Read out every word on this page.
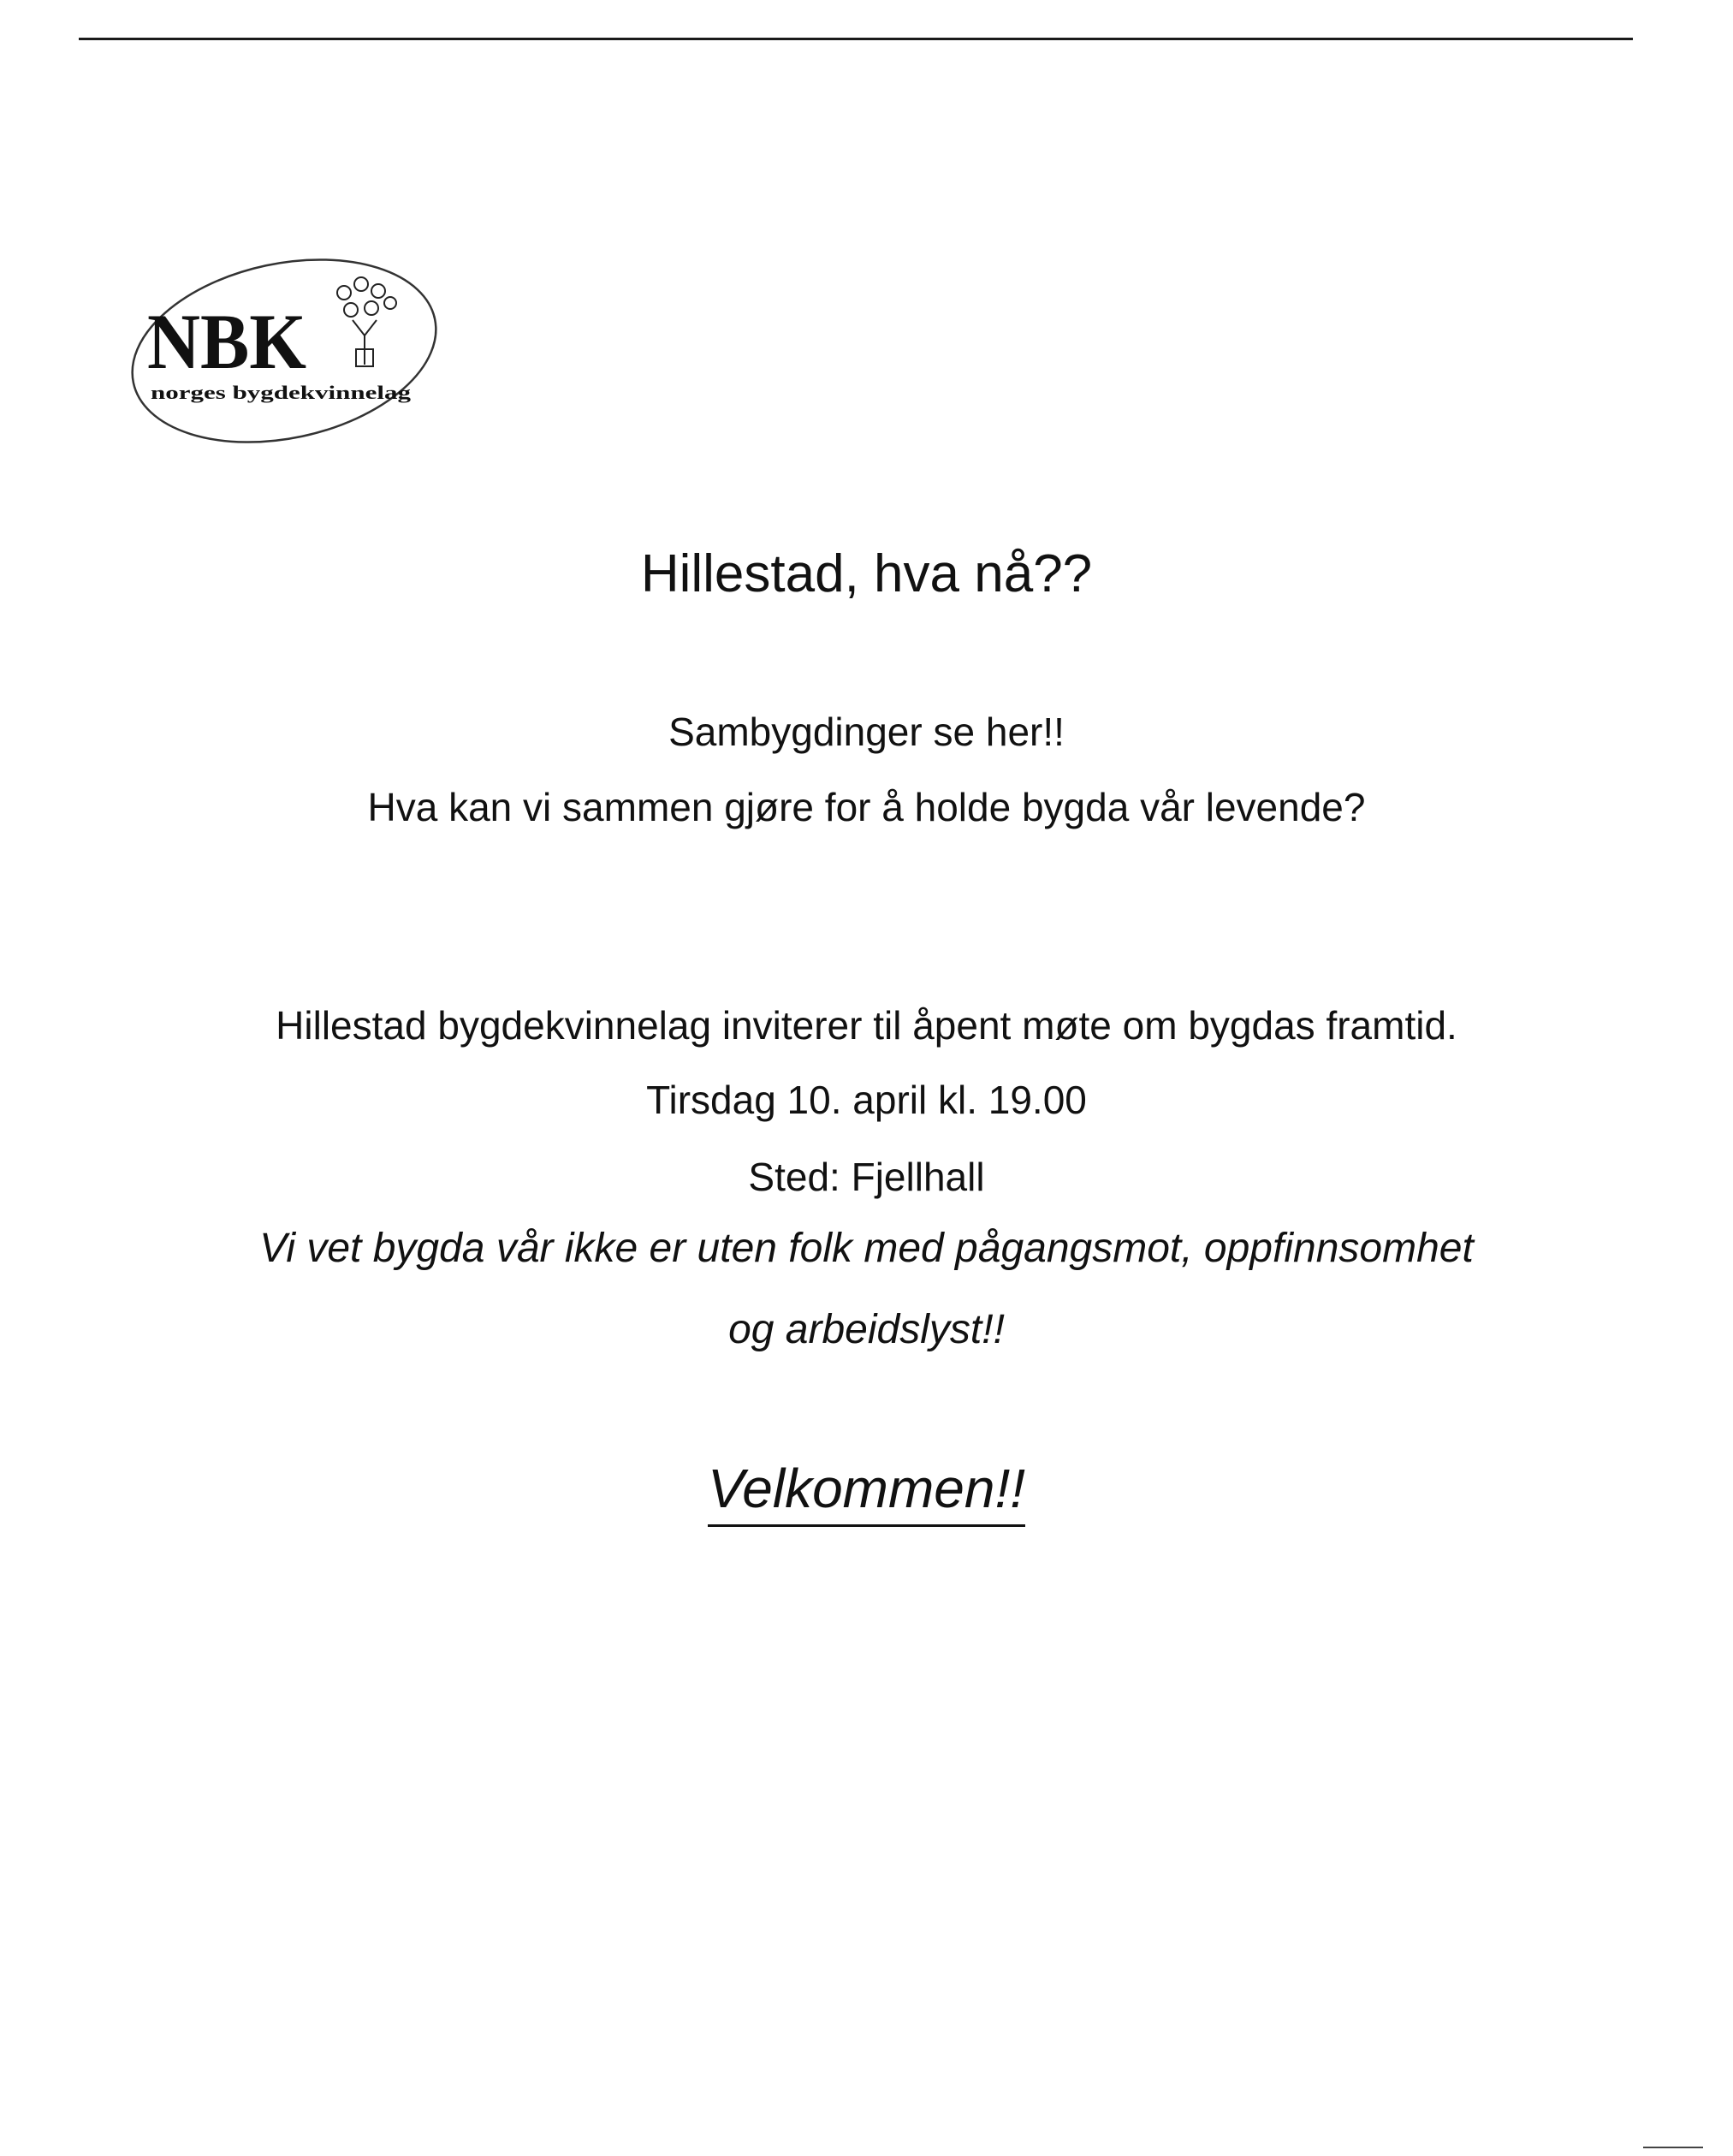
NBK
norges bygdekvinnelag
Hillestad, hva nå??
Sambygdinger se her!!
Hva kan vi sammen gjøre for å holde bygda vår levende?
Hillestad bygdekvinnelag inviterer til åpent møte om bygdas framtid.
Tirsdag 10. april kl. 19.00
Sted: Fjellhall
Vi vet bygda vår ikke er uten folk med pågangsmot, oppfinnsomhet
og arbeidslyst!!
Velkommen!!
